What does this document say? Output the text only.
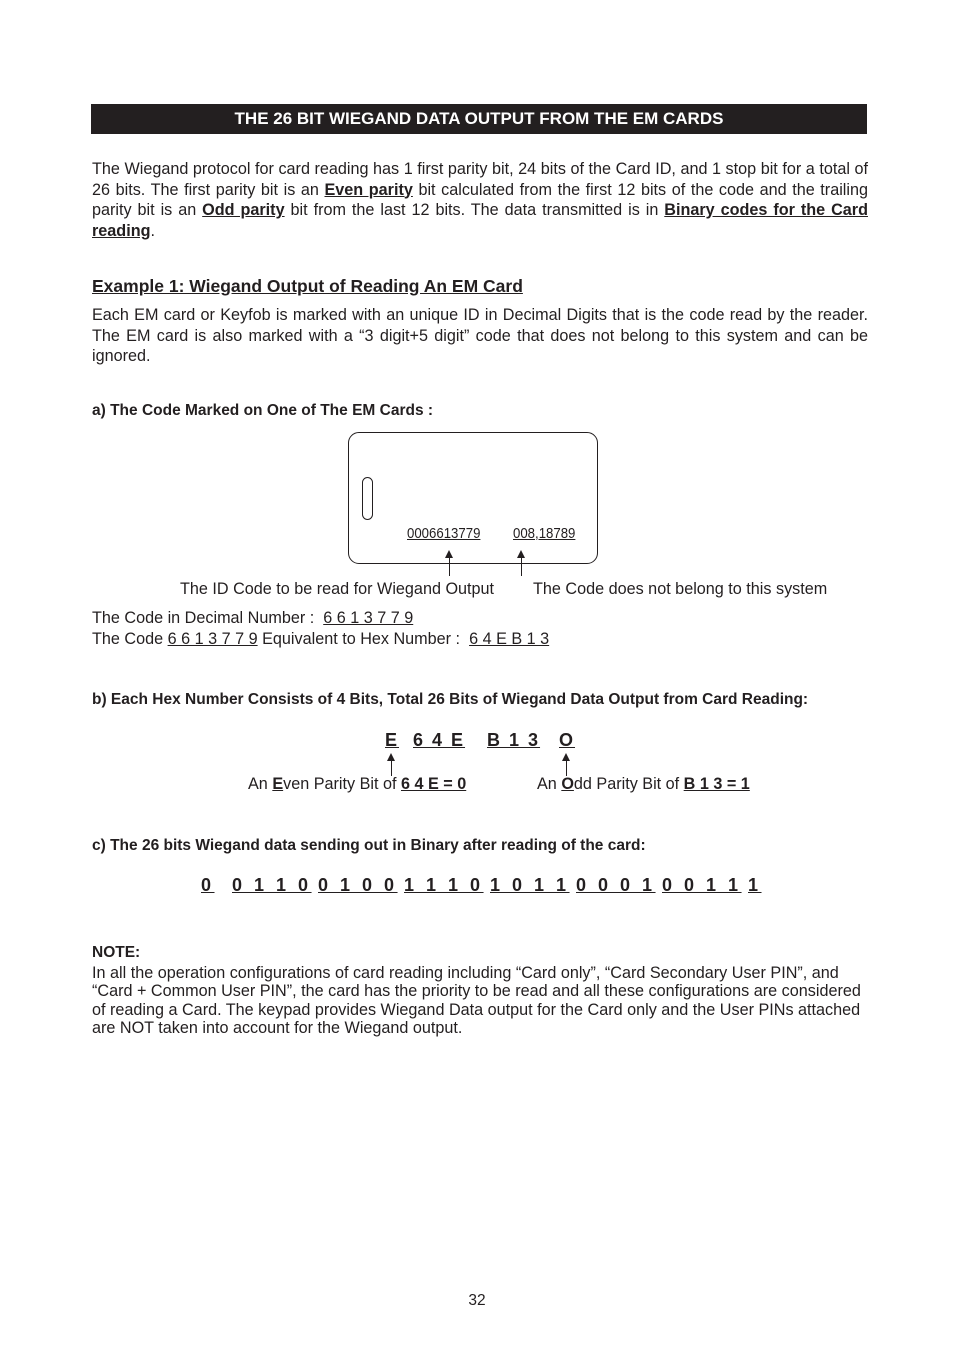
THE 26 BIT WIEGAND DATA OUTPUT FROM THE EM CARDS
The Wiegand protocol for card reading has 1 first parity bit, 24 bits of the Card ID, and 1 stop bit for a total of 26 bits. The first parity bit is an Even parity bit calculated from the first 12 bits of the code and the trailing parity bit is an Odd parity bit from the last 12 bits. The data transmitted is in Binary codes for the Card reading.
Example 1: Wiegand Output of Reading An EM Card
Each EM card or Keyfob is marked with an unique ID in Decimal Digits that is the code read by the reader. The EM card is also marked with a “3 digit+5 digit” code that does not belong to this system and can be ignored.
a) The Code Marked on One of The EM Cards :
0006613779 008,18789
The ID Code to be read for Wiegand Output The Code does not belong to this system
The Code in Decimal Number : 6 6 1 3 7 7 9
The Code 6 6 1 3 7 7 9 Equivalent to Hex Number : 6 4 E B 1 3
b) Each Hex Number Consists of 4 Bits, Total 26 Bits of Wiegand Data Output from Card Reading:
E 6 4 E B 1 3 O
An Even Parity Bit of 6 4 E = 0	An Odd Parity Bit of B 1 3 = 1
c) The 26 bits Wiegand data sending out in Binary after reading of the card:
0 0 1 1 0 0 1 0 0 1 1 1 0 1 0 1 1 0 0 0 1 0 0 1 1 1
NOTE:
In all the operation configurations of card reading including “Card only”, “Card Secondary User PIN”, and “Card + Common User PIN”, the card has the priority to be read and all these configurations are considered of reading a Card. The keypad provides Wiegand Data output for the Card only and the User PINs attached are NOT taken into account for the Wiegand output.
32
